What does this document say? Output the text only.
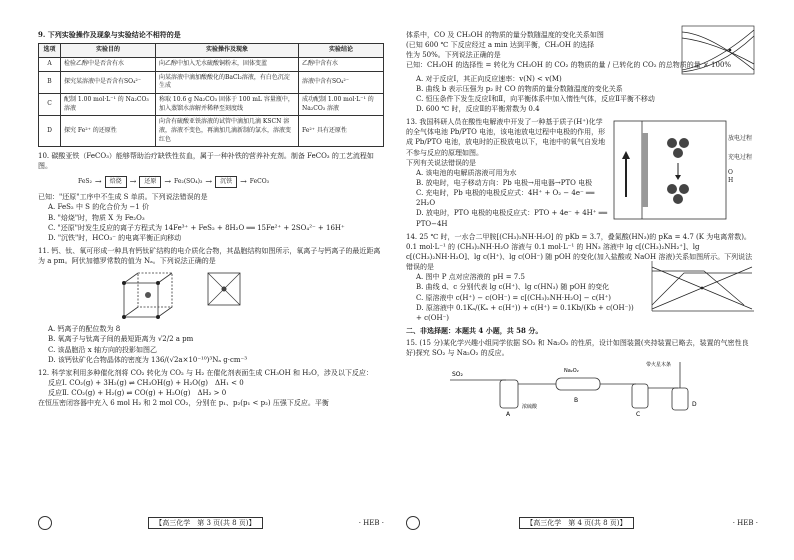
9. 下列实验操作及现象与实验结论不相符的是
选项	实验目的	实验操作及现象	实验结论
A	检验乙醇中是否含有水	向乙醇中加入无水硫酸铜粉末，固体变蓝	乙醇中含有水
B	探究某溶液中是否含有SO₄²⁻	向某溶液中滴加酸酸化的BaCl₂溶液，有白色沉淀生成	溶液中含有SO₄²⁻
C	配制 1.00 mol·L⁻¹ 的 Na₂CO₃ 溶液	称取 10.6 g Na₂CO₃ 固体于 100 mL 容量瓶中，加入蒸馏水溶解并稀释至刻度线	成功配制 1.00 mol·L⁻¹ 的 Na₂CO₃ 溶液
D	探究 Fe²⁺ 的还原性	向含有硫酸亚铁溶液的试管中滴加几滴 KSCN 溶液，溶液不变色，再滴加几滴新制的氯水，溶液变红色	Fe²⁺ 具有还原性
10. 碳酸亚铁（FeCO₃）能够帮助治疗缺铁性贫血，属于一种补铁的营养补充剂。制备 FeCO₃ 的工艺流程如图。
FeS₂ →	焙烧	→	还原	→ Fe₂(SO₄)₃ →	沉铁	→ FeCO₃
已知："还原"工序中不生成 S 单质。下列说法错误的是
A. FeS₂ 中 S 的化合价为 −1 价
B. "焙烧"时，物质 X 为 Fe₂O₃
C. "还原"时发生反应的离子方程式为 14Fe³⁺ + FeS₂ + 8H₂O ══ 15Fe²⁺ + 2SO₄²⁻ + 16H⁺
D. "沉铁"时，HCO₃⁻ 的电离平衡正向移动
11. 钙、钛、氧可形成一种具有钙钛矿结构的电介质化合物，其晶胞结构如图所示，氧离子与钙离子的最近距离为 a pm。阿伏加德罗常数的值为 Nₐ。下列说法正确的是
A. 钙离子的配位数为 8
B. 氧离子与钛离子间的最短距离为 √2/2 a pm
C. 该晶胞沿 x 轴方向的投影如图乙
D. 该钙钛矿化合物晶体的密度为 136/(√2a×10⁻¹⁰)³Nₐ g·cm⁻³
12. 科学家利用多种催化剂将 CO₂ 转化为 CO₂ 与 H₂ 在催化剂表面生成 CH₃OH 和 H₂O，涉及以下反应：
反应Ⅰ. CO₂(g) + 3H₂(g) ⇌ CH₃OH(g) + H₂O(g)　ΔH₁ < 0
反应Ⅱ. CO₂(g) + H₂(g) ⇌ CO(g) + H₂O(g)　ΔH₂ > 0
在恒压密闭容器中充入 6 mol H₂ 和 2 mol CO₂，分别在 p₁、p₂(p₁ < p₂) 压强下反应。平衡
【高三化学　第 3 页(共 8 页)】	· HEB ·
体系中，CO 及 CH₃OH 的物质的量分数随温度的变化关系如图
(已知 600 ℃ 下反应经过 a min 达到平衡，CH₃OH 的选择
性为 50%。下列说法正确的是
已知：CH₃OH 的选择性 = 转化为 CH₃OH 的 CO₂ 的物质的量 / 已转化的 CO₂ 的总物质的量 × 100%
A. 对于反应Ⅰ，其正向反应速率：v(N) < v(M)
B. 曲线 b 表示压强为 p₂ 时 CO 的物质的量分数随温度的变化关系
C. 恒压条件下发生反应Ⅰ和Ⅱ，向平衡体系中加入惰性气体，反应Ⅱ平衡不移动
D. 600 ℃ 时，反应Ⅱ的平衡常数为 0.4
13. 我国科研人员在酸性电解液中开发了一种基于质子(H⁺)化学的全气体电池 Pb/PTO 电池，该电池放电过程中电极的作用，形成 Pb/PTO 电池，放电时的正极放电以下，电池中的氧气自发地不参与反应的原理如图。
下列有关说法错误的是
A. 该电池的电解质溶液可用为水
B. 放电时，电子移动方向：Pb 电极→用电器→PTO 电极
C. 充电时，Pb 电极的电极反应式：4H⁺ + O₂ − 4e⁻ ══ 2H₂O
D. 放电时，PTO 电极的电极反应式：PTO + 4e⁻ + 4H⁺ ══ PTO−4H
放电过程
充电过程
O
H
14. 25 ℃ 时，一水合二甲胺[(CH₃)₂NH·H₂O] 的 pKb = 3.7，叠氮酸(HN₃)的 pKa = 4.7 (K 为电离常数)。0.1 mol·L⁻¹ 的 (CH₃)₂NH·H₂O 溶液与 0.1 mol·L⁻¹ 的 HN₃ 溶液中 lg c[(CH₃)₂NH₂⁺]、lg c[(CH₃)₂NH·H₂O]、lg c(H⁺)、lg c(OH⁻) 随 pOH 的变化(加入盐酸或 NaOH 溶液)关系如图所示。下列说法错误的是
A. 图中 P 点对应溶液的 pH = 7.5
B. 曲线 d、c 分别代表 lg c(H⁺)、lg c(HN₃) 随 pOH 的变化
C. 原溶液中 c(H⁺) − c(OH⁻) = c[(CH₃)₂NH·H₂O] − c(H⁺)
D. 原溶液中 0.1Kₐ/(Kₐ + c(H⁺)) + c(H⁺) = 0.1Kb/(Kb + c(OH⁻)) + c(OH⁻)
二、非选择题：本题共 4 小题，共 58 分。
15. (15 分)某化学兴趣小组同学依据 SO₂ 和 Na₂O₂ 的性质，设计如图装置(夹持装置已略去，装置的气密性良好)探究 SO₂ 与 Na₂O₂ 的反应。
SO₂
A
B
C
D
浓硫酸
Na₂O₂
带火星木条
【高三化学　第 4 页(共 8 页)】	· HEB ·
